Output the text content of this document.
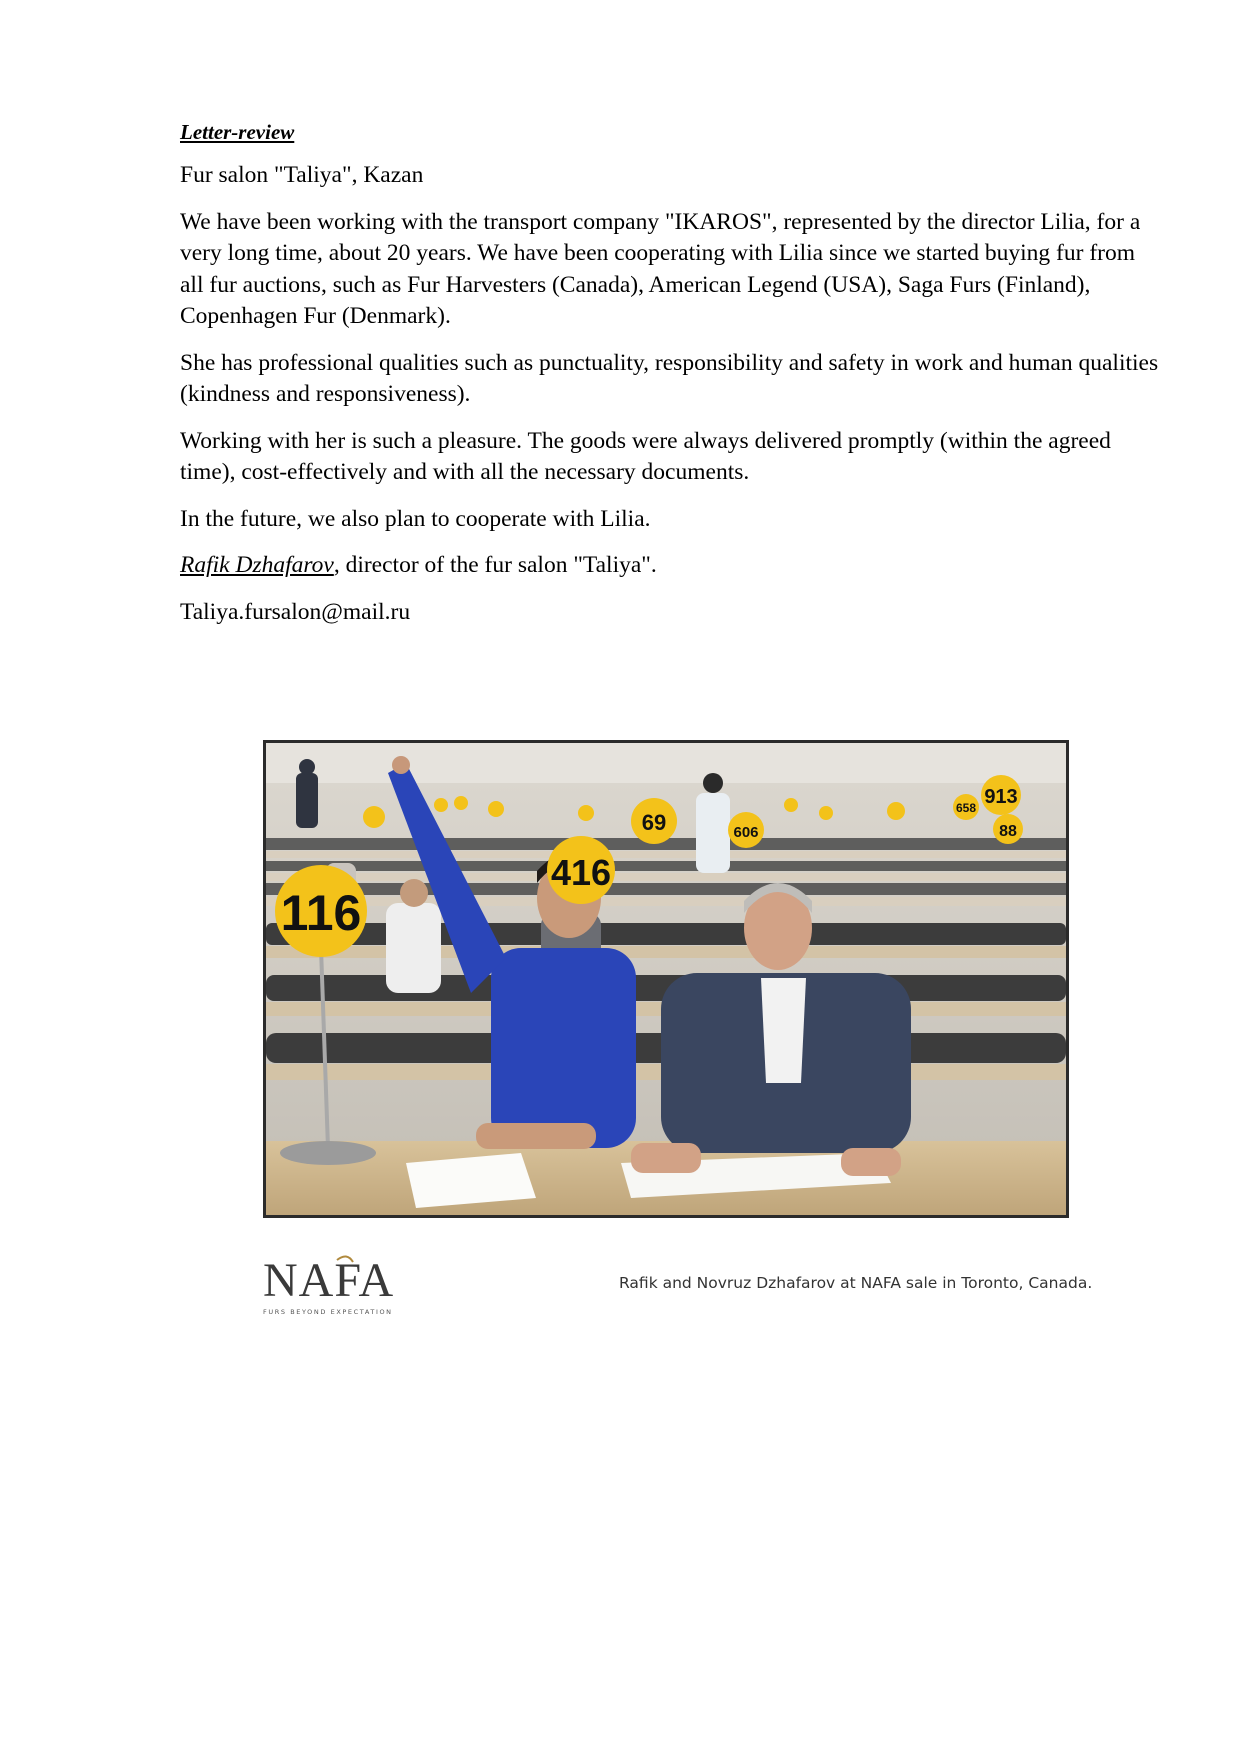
Letter-review

Fur salon "Taliya", Kazan

We have been working with the transport company "IKAROS", represented by the director Lilia, for a very long time, about 20 years. We have been cooperating with Lilia since we started buying fur from all fur auctions, such as Fur Harvesters (Canada), American Legend (USA), Saga Furs (Finland), Copenhagen Fur (Denmark).

She has professional qualities such as punctuality, responsibility and safety in work and human qualities (kindness and responsiveness).

Working with her is such a pleasure. The goods were always delivered promptly (within the agreed time), cost-effectively and with all the necessary documents.

In the future, we also plan to cooperate with Lilia.

Rafik Dzhafarov, director of the fur salon "Taliya".

Taliya.fursalon@mail.ru

116
416
69	606
913
658
88
NAFA
FURS BEYOND EXPECTATION
Rafik and Novruz Dzhafarov at NAFA sale in Toronto, Canada.
